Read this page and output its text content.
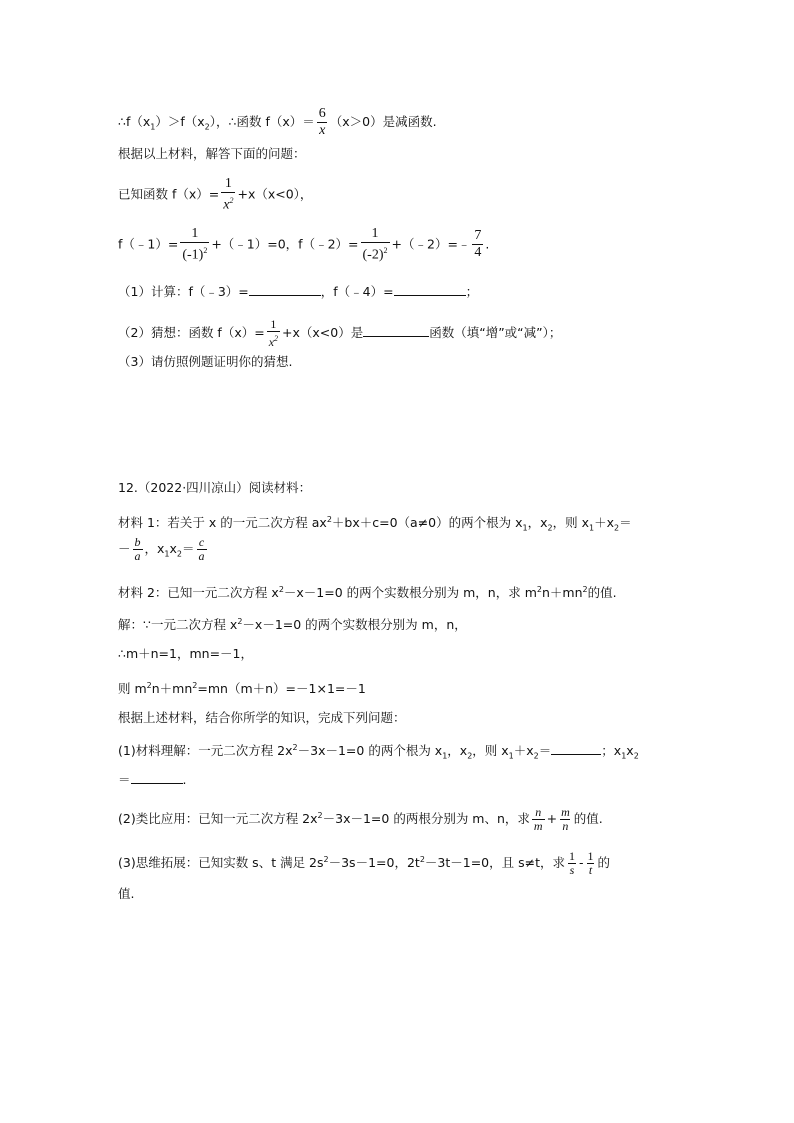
$\therefore f(x_1)>f(x_2)$，∴函数 $f(x)= \frac{6}{x} (x>0)$是减函数.
根据以上材料，解答下面的问题：
已知函数 $f(x)= \frac{1}{x^2} +x(x<0)$，
f（﹣1）= $\frac{1}{(-1)^2}$ +（﹣1）=0，f（﹣2）= $\frac{1}{(-2)^2}$ +（﹣2）=﹣ $\frac{7}{4}$ .
（1）计算：f（﹣3）=	，f（﹣4）=	；
（2）猜想：函数 $f(x)= \frac{1}{x^2} +x(x<0)$是	函数（填“增”或“减”）；
（3）请仿照例题证明你的猜想.
12.（2022·四川凉山）阅读材料：
材料 1：若关于 x 的一元二次方程 $ax^2+bx+c=0(a\ne 0)$的两个根为 $x_1$，$x_2$，则 $x_1+x_2=$
－ $\frac{b}{a}$ ，$x_1x_2= \frac{c}{a}$
材料 2：已知一元二次方程 $x^2-x-1=0$ 的两个实数根分别为 m，n，求 $m^2n+mn^2$的值.
解：∵一元二次方程 $x^2-x-1=0$ 的两个实数根分别为 m，n，
∴m＋n=1，mn=－1，
则 $m^2n+mn^2=mn(m+n)=-1\times 1=-1$
根据上述材料，结合你所学的知识，完成下列问题：
(1)材料理解：一元二次方程 $2x^2-3x-1=0$ 的两个根为 $x_1$，$x_2$，则 $x_1+x_2=$	；$x_1x_2$
＝	.
(2)类比应用：已知一元二次方程 $2x^2-3x-1=0$ 的两根分别为 m、n，求 $\frac{n}{m} + \frac{m}{n}$ 的值.
(3)思维拓展：已知实数 s、t 满足 $2s^2-3s-1=0$，$2t^2-3t-1=0$，且 s≠t，求 $\frac{1}{s} - \frac{1}{t}$ 的
值.
